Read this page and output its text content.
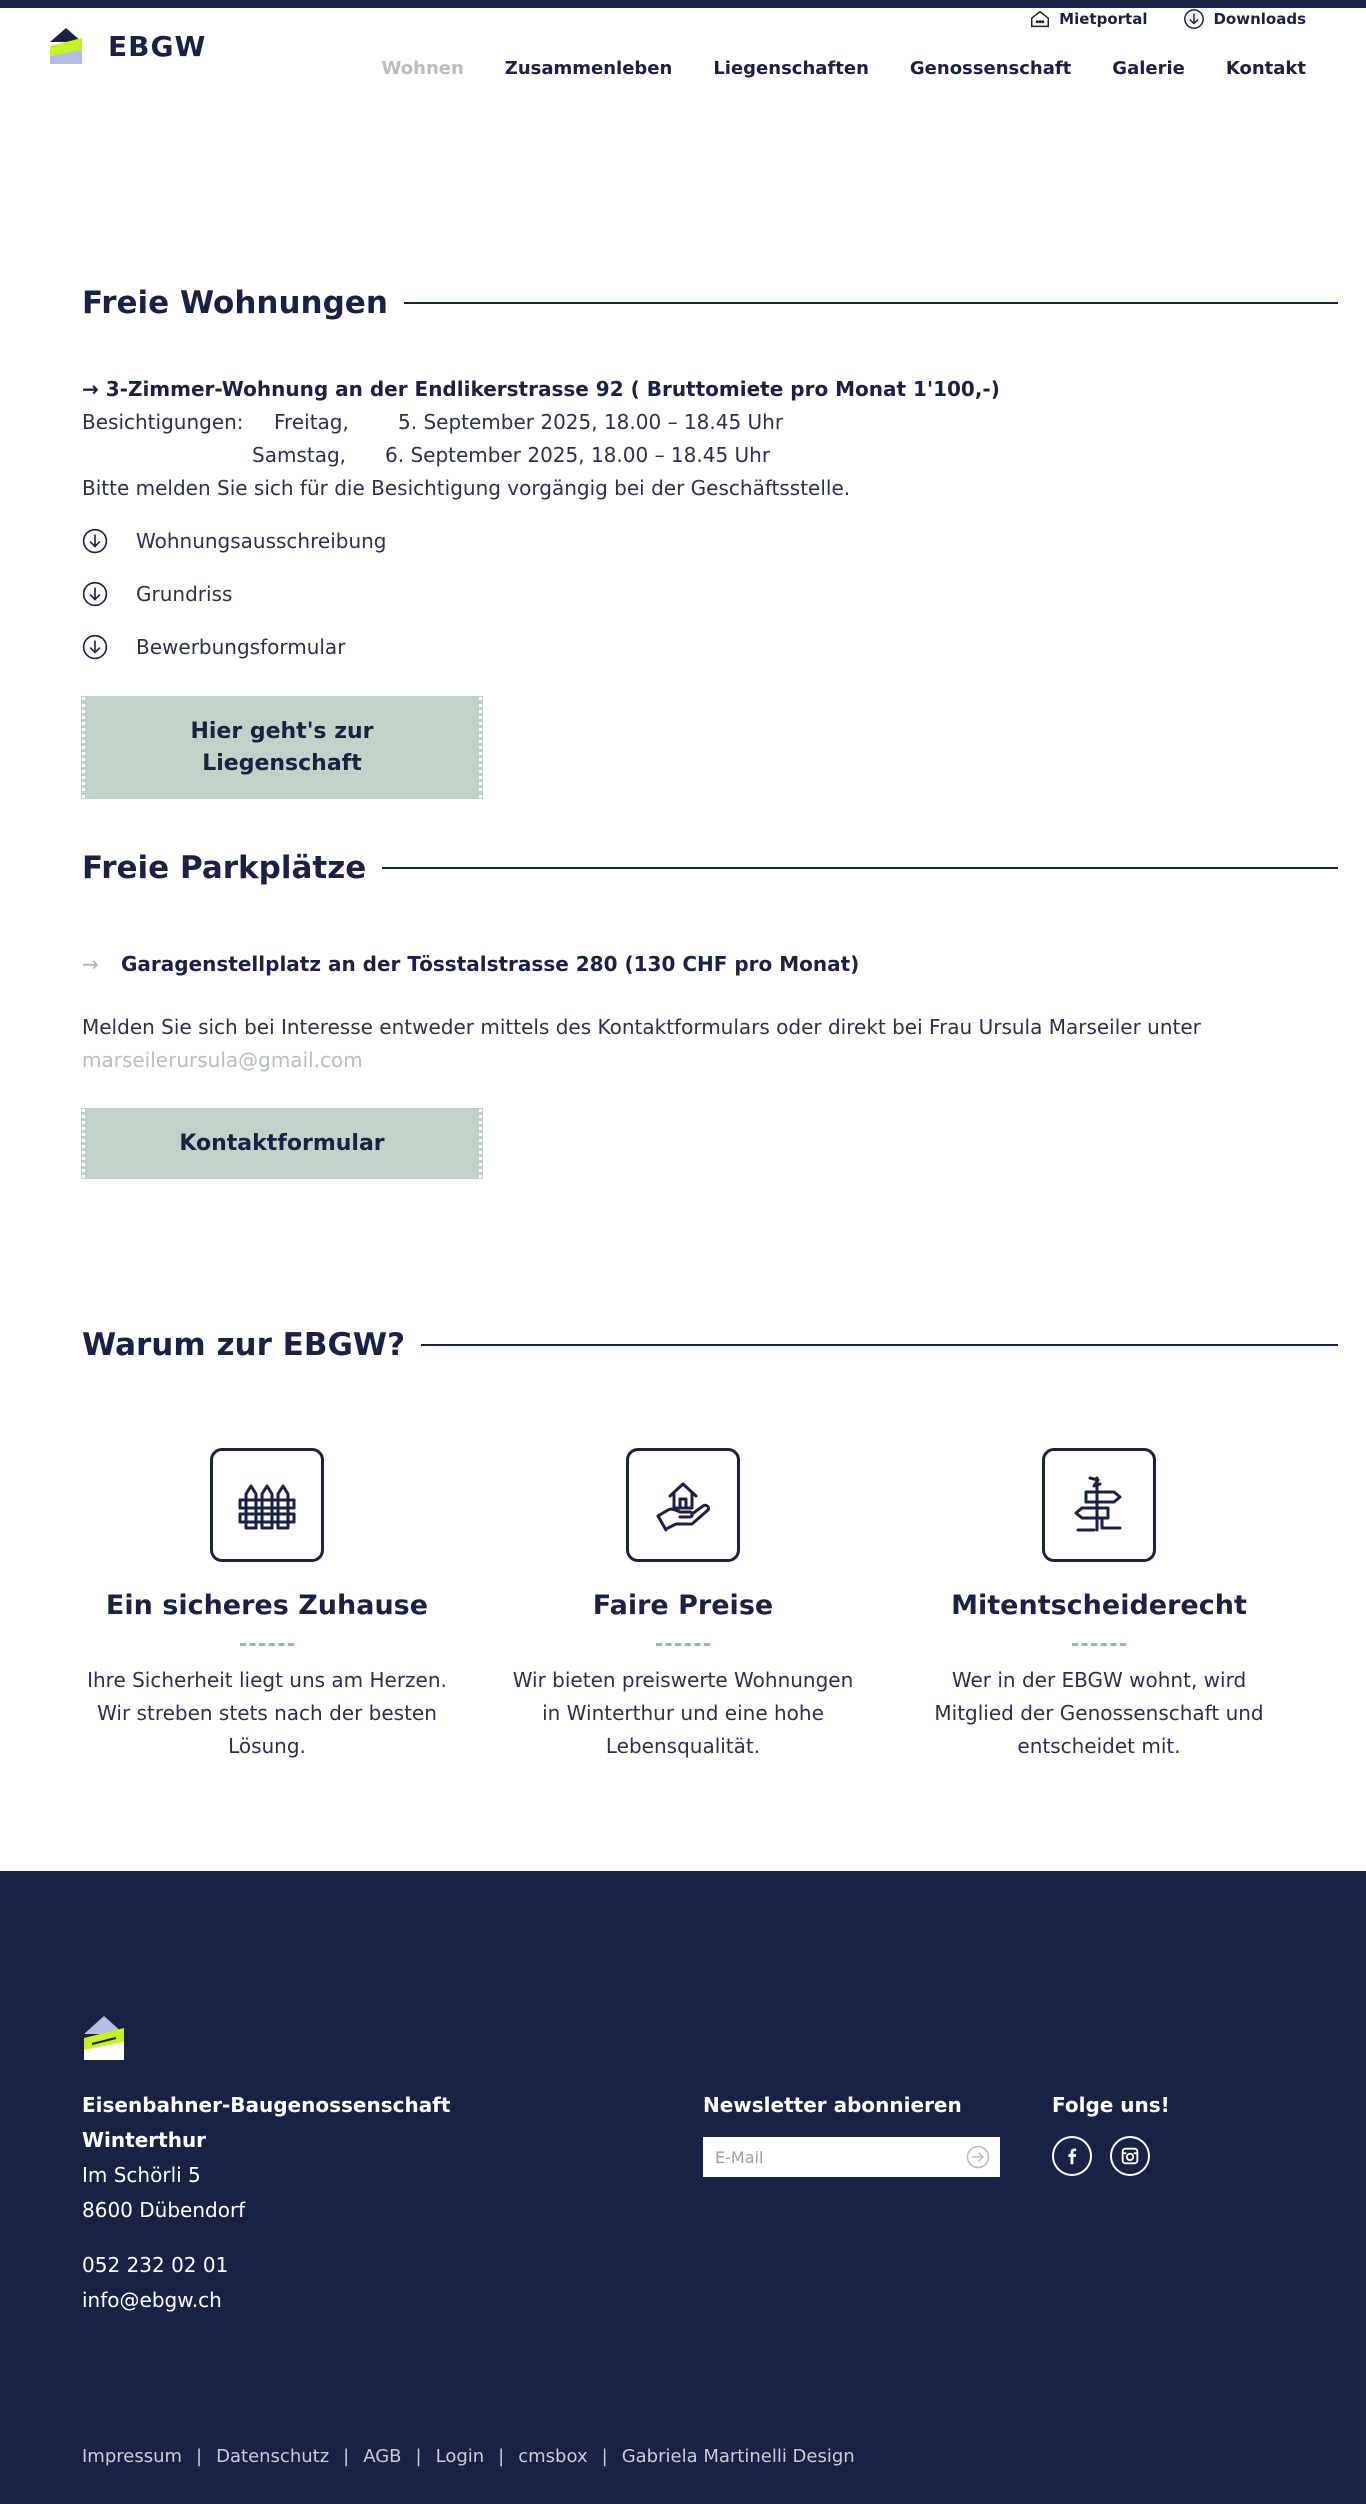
EBGW
Mietportal	Downloads
Wohnen Zusammenleben Liegenschaften Genossenschaft Galerie Kontakt
Freie Wohnungen
→ 3-Zimmer-Wohnung an der Endlikerstrasse 92 ( Bruttomiete pro Monat 1'100,-)
Besichtigungen: Freitag, 5. September 2025, 18.00 – 18.45 Uhr
Samstag, 6. September 2025, 18.00 – 18.45 Uhr
Bitte melden Sie sich für die Besichtigung vorgängig bei der Geschäftsstelle.
Wohnungsausschreibung
Grundriss
Bewerbungsformular
Hier geht's zur
Liegenschaft
Freie Parkplätze
→ Garagenstellplatz an der Tösstalstrasse 280 (130 CHF pro Monat)
Melden Sie sich bei Interesse entweder mittels des Kontaktformulars oder direkt bei Frau Ursula Marseiler unter
marseilerursula@gmail.com
Kontaktformular
Warum zur EBGW?
Ein sicheres Zuhause

Ihre Sicherheit liegt uns am Herzen.
Wir streben stets nach der besten
Lösung.

Faire Preise

Wir bieten preiswerte Wohnungen
in Winterthur und eine hohe
Lebensqualität.

Mitentscheiderecht

Wer in der EBGW wohnt, wird
Mitglied der Genossenschaft und
entscheidet mit.

Eisenbahner-Baugenossenschaft
Winterthur
Im Schörli 5
8600 Dübendorf
052 232 02 01
info@ebgw.ch
Newsletter abonnieren
E-Mail	Folge uns!
Impressum | Datenschutz | AGB | Login | cmsbox | Gabriela Martinelli Design
